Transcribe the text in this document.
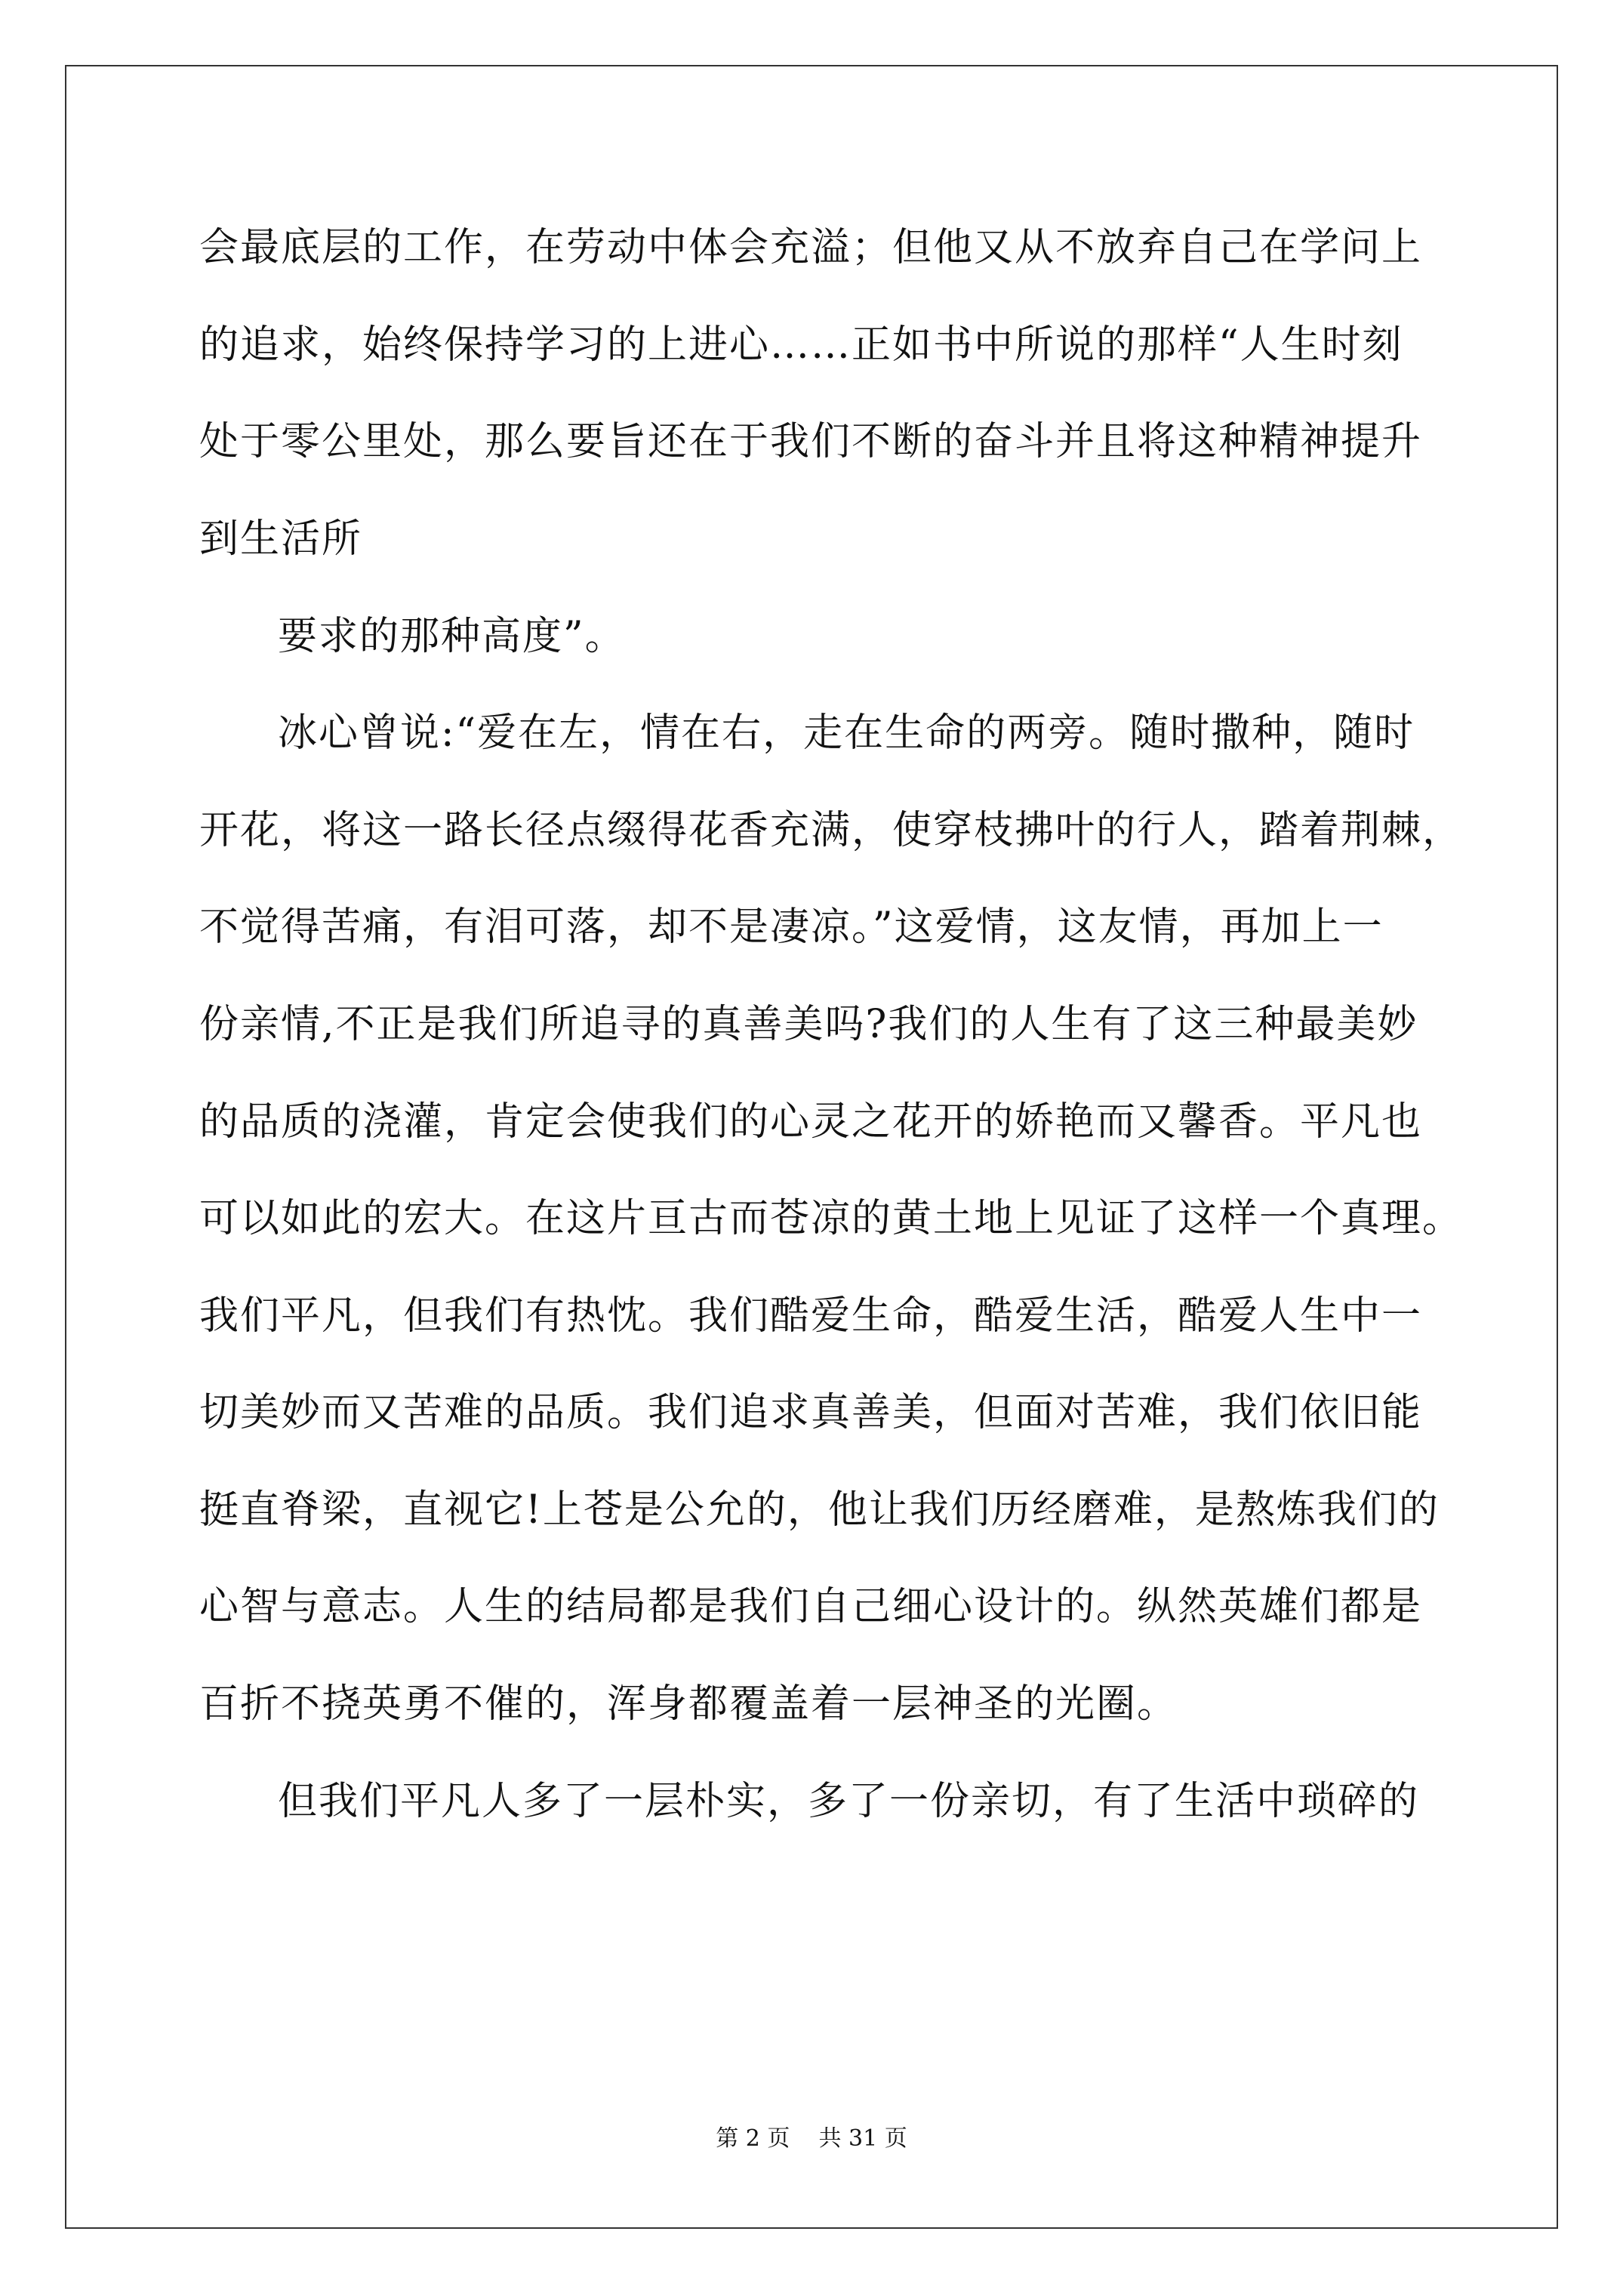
会最底层的工作，在劳动中体会充溢；但他又从不放弃自己在学问上
的追求，始终保持学习的上进心……正如书中所说的那样“人生时刻
处于零公里处，那么要旨还在于我们不断的奋斗并且将这种精神提升
到生活所
要求的那种高度”。
冰心曾说:“爱在左，情在右，走在生命的两旁。随时撒种，随时
开花，将这一路长径点缀得花香充满，使穿枝拂叶的行人，踏着荆棘，
不觉得苦痛，有泪可落，却不是凄凉。”这爱情，这友情，再加上一
份亲情,不正是我们所追寻的真善美吗?我们的人生有了这三种最美妙
的品质的浇灌，肯定会使我们的心灵之花开的娇艳而又馨香。平凡也
可以如此的宏大。在这片亘古而苍凉的黄土地上见证了这样一个真理。
我们平凡，但我们有热忱。我们酷爱生命，酷爱生活，酷爱人生中一
切美妙而又苦难的品质。我们追求真善美，但面对苦难，我们依旧能
挺直脊梁，直视它!上苍是公允的，他让我们历经磨难，是熬炼我们的
心智与意志。人生的结局都是我们自己细心设计的。纵然英雄们都是
百折不挠英勇不催的，浑身都覆盖着一层神圣的光圈。
但我们平凡人多了一层朴实，多了一份亲切，有了生活中琐碎的
第 2 页    共 31 页
